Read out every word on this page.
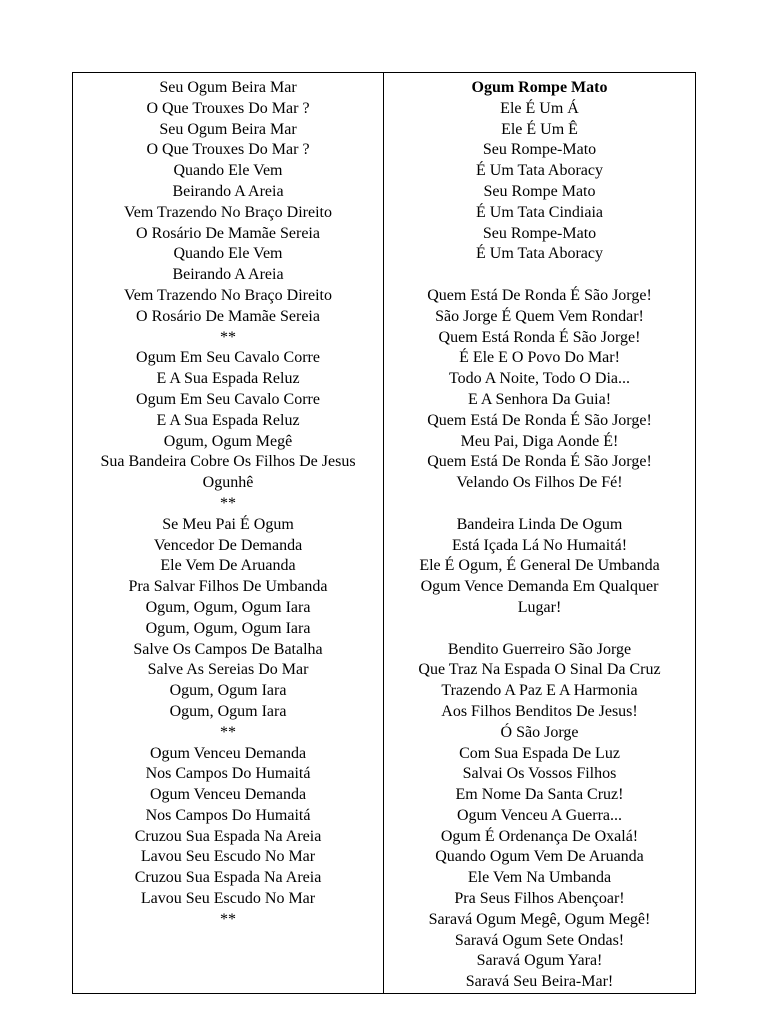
Seu Ogum Beira Mar
O Que Trouxes Do Mar ?
Seu Ogum Beira Mar
O Que Trouxes Do Mar ?
Quando Ele Vem
Beirando A Areia
Vem Trazendo No Braço Direito
O Rosário De Mamãe Sereia
Quando Ele Vem
Beirando A Areia
Vem Trazendo No Braço Direito
O Rosário De Mamãe Sereia
**
Ogum Em Seu Cavalo Corre
E A Sua Espada Reluz
Ogum Em Seu Cavalo Corre
E A Sua Espada Reluz
Ogum, Ogum Megê
Sua Bandeira Cobre Os Filhos De Jesus
Ogunhê
**
Se Meu Pai É Ogum
Vencedor De Demanda
Ele Vem De Aruanda
Pra Salvar Filhos De Umbanda
Ogum, Ogum, Ogum Iara
Ogum, Ogum, Ogum Iara
Salve Os Campos De Batalha
Salve As Sereias Do Mar
Ogum, Ogum Iara
Ogum, Ogum Iara
**
Ogum Venceu Demanda
Nos Campos Do Humaitá
Ogum Venceu Demanda
Nos Campos Do Humaitá
Cruzou Sua Espada Na Areia
Lavou Seu Escudo No Mar
Cruzou Sua Espada Na Areia
Lavou Seu Escudo No Mar
**
Ogum Rompe Mato
Ele É Um Á
Ele É Um Ê
Seu Rompe-Mato
É Um Tata Aboracy
Seu Rompe Mato
É Um Tata Cindiaia
Seu Rompe-Mato
É Um Tata Aboracy
Quem Está De Ronda É São Jorge!
São Jorge É Quem Vem Rondar!
Quem Está Ronda É São Jorge!
É Ele E O Povo Do Mar!
Todo A Noite, Todo O Dia...
E A Senhora Da Guia!
Quem Está De Ronda É São Jorge!
Meu Pai, Diga Aonde É!
Quem Está De Ronda É São Jorge!
Velando Os Filhos De Fé!
Bandeira Linda De Ogum
Está Içada Lá No Humaitá!
Ele É Ogum, É General De Umbanda
Ogum Vence Demanda Em Qualquer
Lugar!
Bendito Guerreiro São Jorge
Que Traz Na Espada O Sinal Da Cruz
Trazendo A Paz E A Harmonia
Aos Filhos Benditos De Jesus!
Ó São Jorge
Com Sua Espada De Luz
Salvai Os Vossos Filhos
Em Nome Da Santa Cruz!
Ogum Venceu A Guerra...
Ogum É Ordenança De Oxalá!
Quando Ogum Vem De Aruanda
Ele Vem Na Umbanda
Pra Seus Filhos Abençoar!
Saravá Ogum Megê, Ogum Megê!
Saravá Ogum Sete Ondas!
Saravá Ogum Yara!
Saravá Seu Beira-Mar!
